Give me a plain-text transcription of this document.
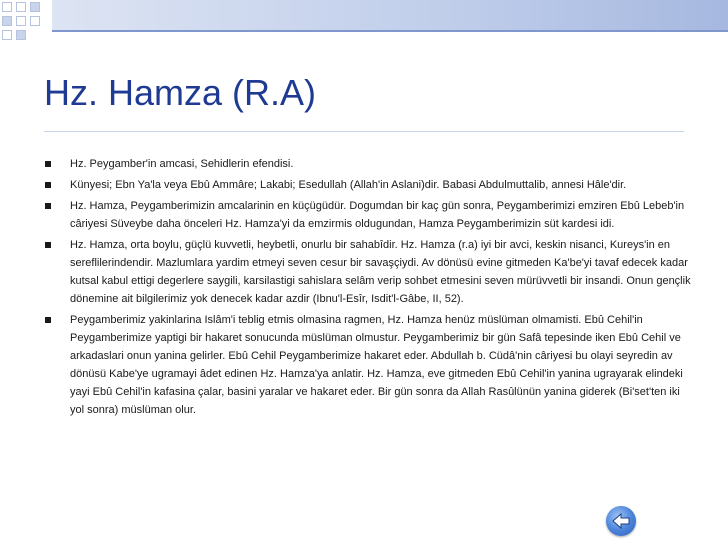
Hz. Hamza (R.A)
Hz. Peygamber'in amcasi, Sehidlerin efendisi.
Künyesi; Ebn Ya'la veya Ebû Ammâre; Lakabi; Esedullah (Allah'in Aslani)dir. Babasi Abdulmuttalib, annesi Hâle'dir.
Hz. Hamza, Peygamberimizin amcalarinin en küçügüdür. Dogumdan bir kaç gün sonra, Peygamberimizi emziren Ebû Lebeb'in câriyesi Süveybe daha önceleri Hz. Hamza'yi da emzirmis oldugundan, Hamza Peygamberimizin süt kardesi idi.
Hz. Hamza, orta boylu, güçlü kuvvetli, heybetli, onurlu bir sahabîdir. Hz. Hamza (r.a) iyi bir avci, keskin nisanci, Kureys'in en sereflilerindendir. Mazlumlara yardim etmeyi seven cesur bir savaşçiydi. Av dönüsü evine gitmeden Ka'be'yi tavaf edecek kadar kutsal kabul ettigi degerlere saygili, karsilastigi sahislara selâm verip sohbet etmesini seven mürüvvetli bir insandi. Onun gençlik dönemine ait bilgilerimiz yok denecek kadar azdir (Ibnu'l-Esîr, Isdit'l-Gâbe, II, 52).
Peygamberimiz yakinlarina Islâm'i teblig etmis olmasina ragmen, Hz. Hamza henüz müslüman olmamisti. Ebû Cehil'in Peygamberimize yaptigi bir hakaret sonucunda müslüman olmustur. Peygamberimiz bir gün Safâ tepesinde iken Ebû Cehil ve arkadaslari onun yanina gelirler. Ebû Cehil Peygamberimize hakaret eder. Abdullah b. Cüdâ'nin câriyesi bu olayi seyredin av dönüsü Kabe'ye ugramayi âdet edinen Hz. Hamza'ya anlatir. Hz. Hamza, eve gitmeden Ebû Cehil'in yanina ugrayarak elindeki yayi Ebû Cehil'in kafasina çalar, basini yaralar ve hakaret eder. Bir gün sonra da Allah Rasûlünün yanina giderek (Bi'set'ten iki yol sonra) müslüman olur.
